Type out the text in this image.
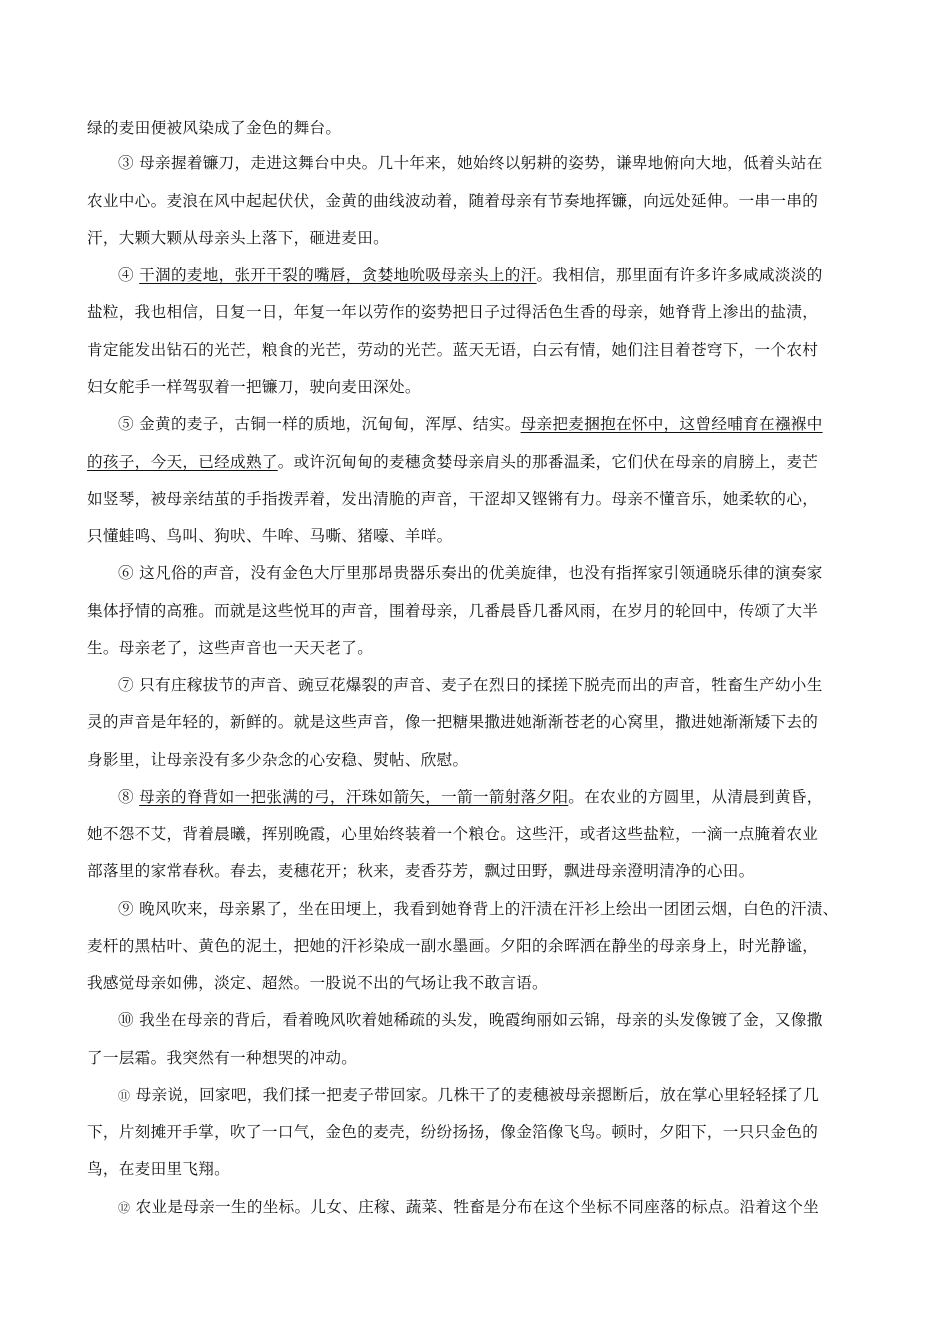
绿的麦田便被风染成了金色的舞台。
③ 母亲握着镰刀，走进这舞台中央。几十年来，她始终以躬耕的姿势，谦卑地俯向大地，低着头站在
农业中心。麦浪在风中起起伏伏，金黄的曲线波动着，随着母亲有节奏地挥镰，向远处延伸。一串一串的
汗，大颗大颗从母亲头上落下，砸进麦田。
④ 干涸的麦地，张开干裂的嘴唇，贪婪地吮吸母亲头上的汗。我相信，那里面有许多许多咸咸淡淡的
盐粒，我也相信，日复一日，年复一年以劳作的姿势把日子过得活色生香的母亲，她脊背上渗出的盐渍，
肯定能发出钻石的光芒，粮食的光芒，劳动的光芒。蓝天无语，白云有情，她们注目着苍穹下，一个农村
妇女舵手一样驾驭着一把镰刀，驶向麦田深处。
⑤ 金黄的麦子，古铜一样的质地，沉甸甸，浑厚、结实。母亲把麦捆抱在怀中，这曾经哺育在襁褓中
的孩子，今天，已经成熟了。或许沉甸甸的麦穗贪婪母亲肩头的那番温柔，它们伏在母亲的肩膀上，麦芒
如竖琴，被母亲结茧的手指拨弄着，发出清脆的声音，干涩却又铿锵有力。母亲不懂音乐，她柔软的心，
只懂蛙鸣、鸟叫、狗吠、牛哞、马嘶、猪嚎、羊咩。
⑥ 这凡俗的声音，没有金色大厅里那昂贵器乐奏出的优美旋律，也没有指挥家引领通晓乐律的演奏家
集体抒情的高雅。而就是这些悦耳的声音，围着母亲，几番晨昏几番风雨，在岁月的轮回中，传颂了大半
生。母亲老了，这些声音也一天天老了。
⑦ 只有庄稼拔节的声音、豌豆花爆裂的声音、麦子在烈日的揉搓下脱壳而出的声音，牲畜生产幼小生
灵的声音是年轻的，新鲜的。就是这些声音，像一把糖果撒进她渐渐苍老的心窝里，撒进她渐渐矮下去的
身影里，让母亲没有多少杂念的心安稳、熨帖、欣慰。
⑧ 母亲的脊背如一把张满的弓，汗珠如箭矢，一箭一箭射落夕阳。在农业的方圆里，从清晨到黄昏，
她不怨不艾，背着晨曦，挥别晚霞，心里始终装着一个粮仓。这些汗，或者这些盐粒，一滴一点腌着农业
部落里的家常春秋。春去，麦穗花开；秋来，麦香芬芳，飘过田野，飘进母亲澄明清净的心田。
⑨ 晚风吹来，母亲累了，坐在田埂上，我看到她脊背上的汗渍在汗衫上绘出一团团云烟，白色的汗渍、
麦杆的黑枯叶、黄色的泥土，把她的汗衫染成一副水墨画。夕阳的余晖洒在静坐的母亲身上，时光静谧，
我感觉母亲如佛，淡定、超然。一股说不出的气场让我不敢言语。
⑩ 我坐在母亲的背后，看着晚风吹着她稀疏的头发，晚霞绚丽如云锦，母亲的头发像镀了金，又像撒
了一层霜。我突然有一种想哭的冲动。
⑪ 母亲说，回家吧，我们揉一把麦子带回家。几株干了的麦穗被母亲摁断后，放在掌心里轻轻揉了几
下，片刻摊开手掌，吹了一口气，金色的麦壳，纷纷扬扬，像金箔像飞鸟。顿时，夕阳下，一只只金色的
鸟，在麦田里飞翔。
⑫ 农业是母亲一生的坐标。儿女、庄稼、蔬菜、牲畜是分布在这个坐标不同座落的标点。沿着这个坐
